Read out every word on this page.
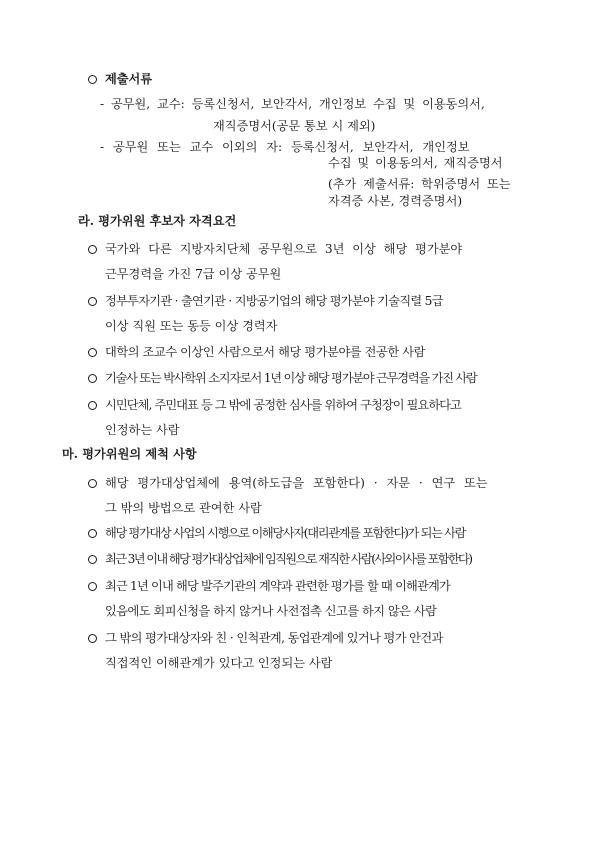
제출서류
- 공무원, 교수: 등록신청서, 보안각서, 개인정보 수집 및 이용동의서,
재직증명서(공문 통보 시 제외)
- 공무원 또는 교수 이외의 자: 등록신청서, 보안각서, 개인정보
수집 및 이용동의서, 재직증명서
(추가 제출서류: 학위증명서 또는
자격증 사본, 경력증명서)
라. 평가위원 후보자 자격요건
국가와 다른 지방자치단체 공무원으로 3년 이상 해당 평가분야
근무경력을 가진 7급 이상 공무원
정부투자기관 · 출연기관 · 지방공기업의 해당 평가분야 기술직렬 5급
이상 직원 또는 동등 이상 경력자
대학의 조교수 이상인 사람으로서 해당 평가분야를 전공한 사람
기술사 또는 박사학위 소지자로서 1년 이상 해당 평가분야 근무경력을 가진 사람
시민단체, 주민대표 등 그 밖에 공정한 심사를 위하여 구청장이 필요하다고
인정하는 사람
마. 평가위원의 제척 사항
해당 평가대상업체에 용역(하도급을 포함한다) · 자문 · 연구 또는
그 밖의 방법으로 관여한 사람
해당 평가대상 사업의 시행으로 이해당사자(대리관계를 포함한다)가 되는 사람
최근 3년 이내 해당 평가대상업체에 임직원으로 재직한 사람(사외이사를 포함한다)
최근 1년 이내 해당 발주기관의 계약과 관련한 평가를 할 때 이해관계가
있음에도 회피신청을 하지 않거나 사전접촉 신고를 하지 않은 사람
그 밖의 평가대상자와 친 · 인척관계, 동업관계에 있거나 평가 안건과
직접적인 이해관계가 있다고 인정되는 사람
